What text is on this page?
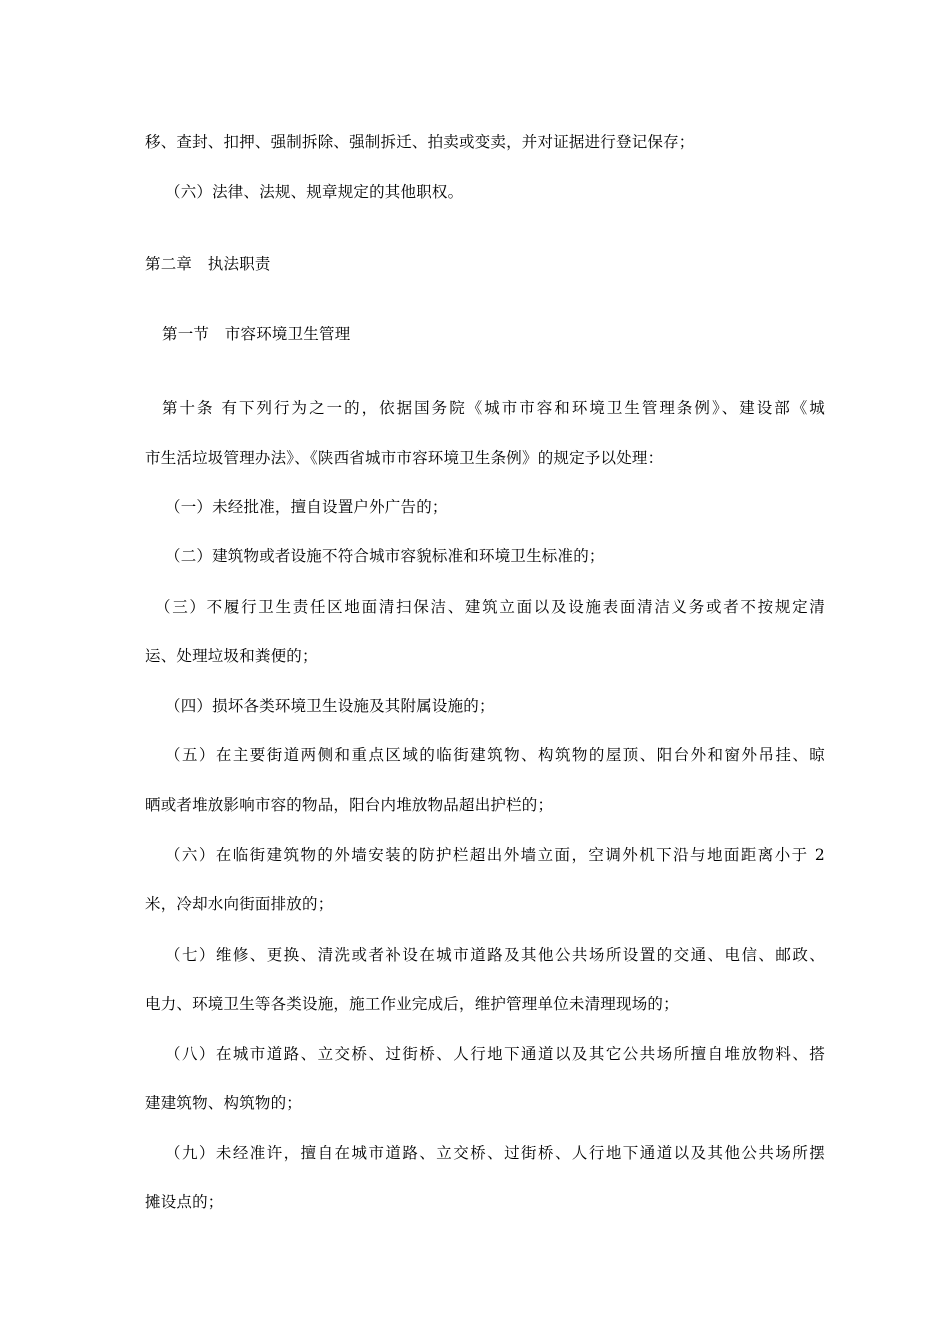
移、查封、扣押、强制拆除、强制拆迁、拍卖或变卖，并对证据进行登记保存；
（六）法律、法规、规章规定的其他职权。
第二章　执法职责
第一节　市容环境卫生管理
第十条 有下列行为之一的，依据国务院《城市市容和环境卫生管理条例》、建设部《城
市生活垃圾管理办法》、《陕西省城市市容环境卫生条例》的规定予以处理：
（一）未经批准，擅自设置户外广告的；
（二）建筑物或者设施不符合城市容貌标准和环境卫生标准的；
（三）不履行卫生责任区地面清扫保洁、建筑立面以及设施表面清洁义务或者不按规定清
运、处理垃圾和粪便的；
（四）损坏各类环境卫生设施及其附属设施的；
（五）在主要街道两侧和重点区域的临街建筑物、构筑物的屋顶、阳台外和窗外吊挂、晾
晒或者堆放影响市容的物品，阳台内堆放物品超出护栏的；
（六）在临街建筑物的外墙安装的防护栏超出外墙立面，空调外机下沿与地面距离小于 2
米，冷却水向街面排放的；
（七）维修、更换、清洗或者补设在城市道路及其他公共场所设置的交通、电信、邮政、
电力、环境卫生等各类设施，施工作业完成后，维护管理单位未清理现场的；
（八）在城市道路、立交桥、过街桥、人行地下通道以及其它公共场所擅自堆放物料、搭
建建筑物、构筑物的；
（九）未经准许，擅自在城市道路、立交桥、过街桥、人行地下通道以及其他公共场所摆
摊设点的；
